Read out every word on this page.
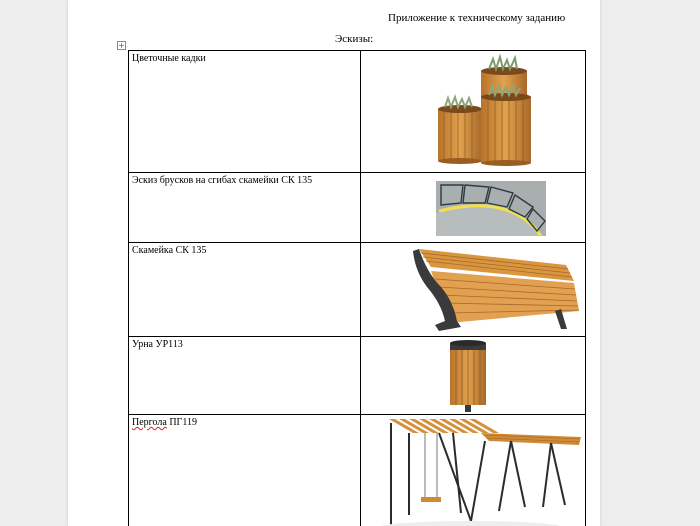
Приложение к техническому заданию
Эскизы:
+
Цветочные кадки	

Эскиз брусков на сгибах скамейки СК 135	

Скамейка СК 135	

Урна УР113	

Пергола ПГ119	
